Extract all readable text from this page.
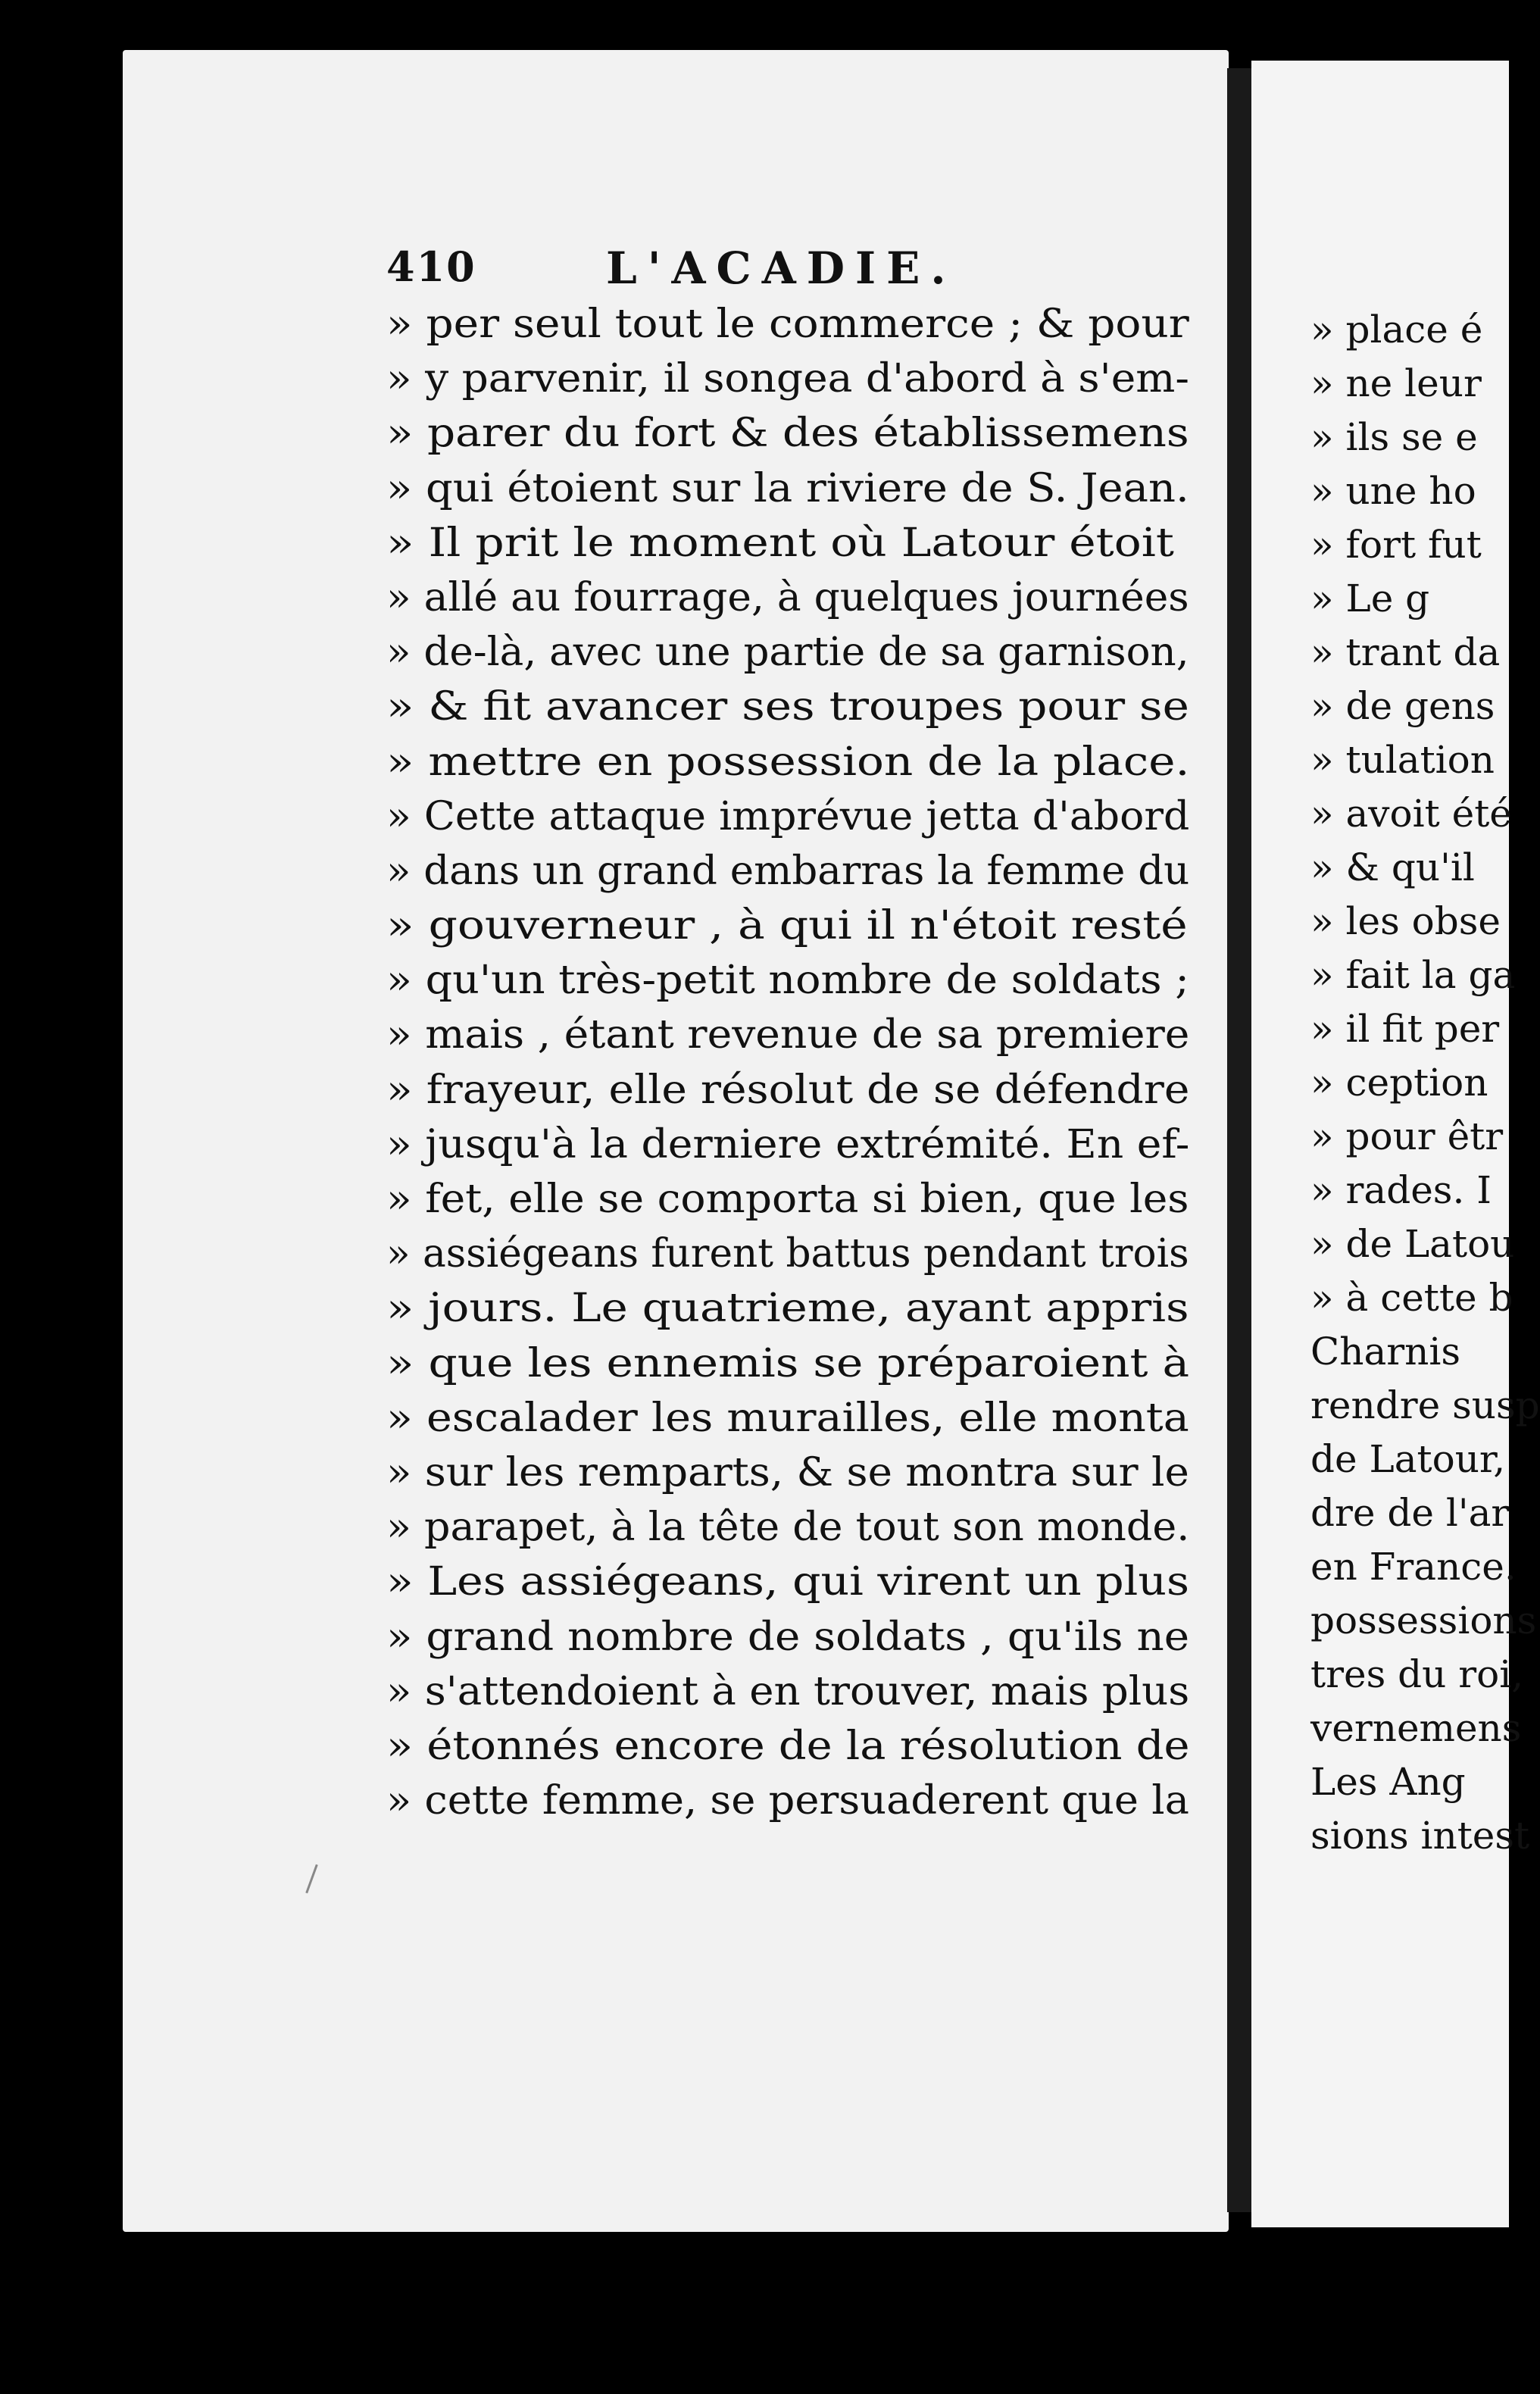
410	L'ACADIE.
» per seul tout le commerce ; & pour
» y parvenir, il songea d'abord à s'em-
» parer du fort & des établissemens
» qui étoient sur la riviere de S. Jean.
» Il prit le moment où Latour étoit
» allé au fourrage, à quelques journées
» de-là, avec une partie de sa garnison,
» & fit avancer ses troupes pour se
» mettre en possession de la place.
» Cette attaque imprévue jetta d'abord
» dans un grand embarras la femme du
» gouverneur , à qui il n'étoit resté
» qu'un très-petit nombre de soldats ;
» mais , étant revenue de sa premiere
» frayeur, elle résolut de se défendre
» jusqu'à la derniere extrémité. En ef-
» fet, elle se comporta si bien, que les
» assiégeans furent battus pendant trois
» jours. Le quatrieme, ayant appris
» que les ennemis se préparoient à
» escalader les murailles, elle monta
» sur les remparts, & se montra sur le
» parapet, à la tête de tout son monde.
» Les assiégeans, qui virent un plus
» grand nombre de soldats , qu'ils ne
» s'attendoient à en trouver, mais plus
» étonnés encore de la résolution de
» cette femme, se persuaderent que la
» place é
» ne leur
» ils se e
» une ho
» fort fut
» Le g
» trant da
» de gens
» tulation
» avoit été
» & qu'il
» les obse
» fait la ga
» il fit per
» ception
» pour êtr
» rades. I
» de Latou
» à cette b
Charnis
rendre susp
de Latour,
dre de l'ar
en France.
possessions
tres du roi,
vernemens
Les Ang
sions intest
